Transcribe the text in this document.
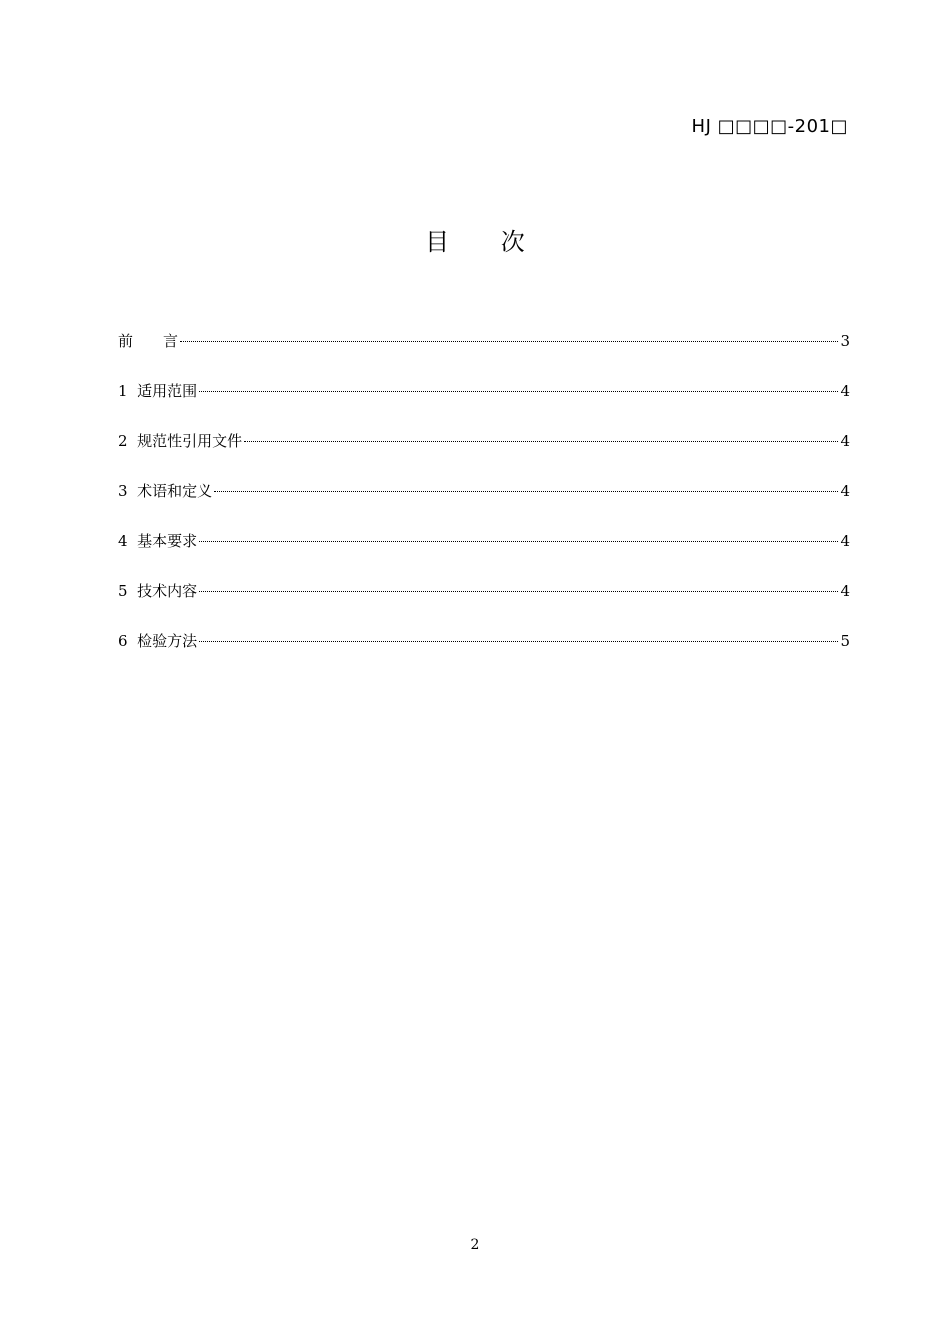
HJ □□□□-201□
目 次
前　　言	3
1  适用范围	4
2  规范性引用文件	4
3  术语和定义	4
4  基本要求	4
5  技术内容	4
6  检验方法	5
2
